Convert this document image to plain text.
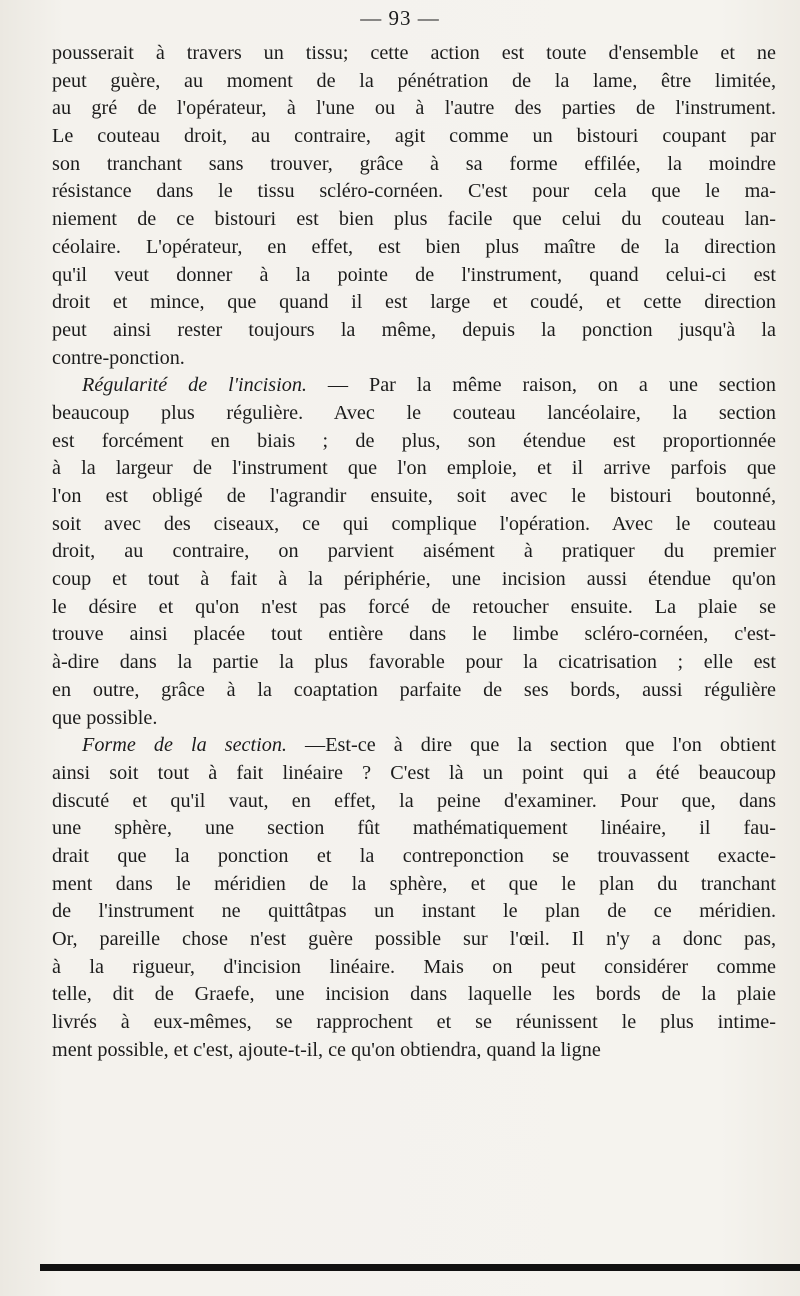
— 93 —
pousserait à travers un tissu; cette action est toute d'ensemble et ne
peut guère, au moment de la pénétration de la lame, être limitée,
au gré de l'opérateur, à l'une ou à l'autre des parties de l'instrument.
Le couteau droit, au contraire, agit comme un bistouri coupant par
son tranchant sans trouver, grâce à sa forme effilée, la moindre
résistance dans le tissu scléro-cornéen. C'est pour cela que le ma-
niement de ce bistouri est bien plus facile que celui du couteau lan-
céolaire. L'opérateur, en effet, est bien plus maître de la direction
qu'il veut donner à la pointe de l'instrument, quand celui-ci est
droit et mince, que quand il est large et coudé, et cette direction
peut ainsi rester toujours la même, depuis la ponction jusqu'à la
contre-ponction.
Régularité de l'incision. — Par la même raison, on a une section
beaucoup plus régulière. Avec le couteau lancéolaire, la section
est forcément en biais ; de plus, son étendue est proportionnée
à la largeur de l'instrument que l'on emploie, et il arrive parfois que
l'on est obligé de l'agrandir ensuite, soit avec le bistouri boutonné,
soit avec des ciseaux, ce qui complique l'opération. Avec le couteau
droit, au contraire, on parvient aisément à pratiquer du premier
coup et tout à fait à la périphérie, une incision aussi étendue qu'on
le désire et qu'on n'est pas forcé de retoucher ensuite. La plaie se
trouve ainsi placée tout entière dans le limbe scléro-cornéen, c'est-
à-dire dans la partie la plus favorable pour la cicatrisation ; elle est
en outre, grâce à la coaptation parfaite de ses bords, aussi régulière
que possible.
Forme de la section. —Est-ce à dire que la section que l'on obtient
ainsi soit tout à fait linéaire ? C'est là un point qui a été beaucoup
discuté et qu'il vaut, en effet, la peine d'examiner. Pour que, dans
une sphère, une section fût mathématiquement linéaire, il fau-
drait que la ponction et la contreponction se trouvassent exacte-
ment dans le méridien de la sphère, et que le plan du tranchant
de l'instrument ne quittâtpas un instant le plan de ce méridien.
Or, pareille chose n'est guère possible sur l'œil. Il n'y a donc pas,
à la rigueur, d'incision linéaire. Mais on peut considérer comme
telle, dit de Graefe, une incision dans laquelle les bords de la plaie
livrés à eux-mêmes, se rapprochent et se réunissent le plus intime-
ment possible, et c'est, ajoute-t-il, ce qu'on obtiendra, quand la ligne
